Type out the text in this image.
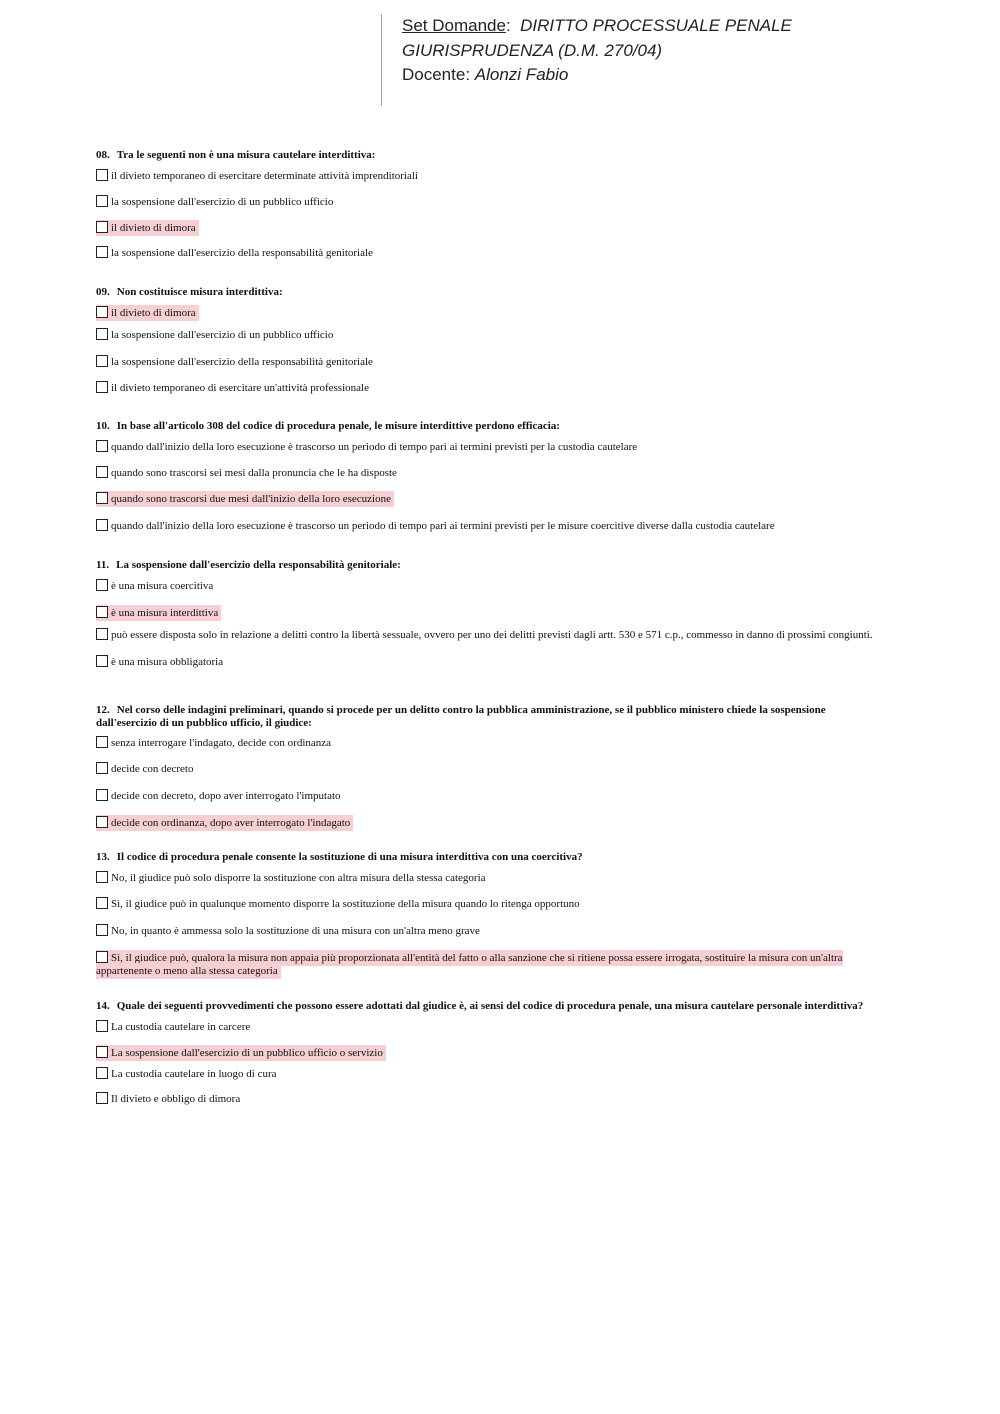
Set Domande: DIRITTO PROCESSUALE PENALE
GIURISPRUDENZA (D.M. 270/04)
Docente: Alonzi Fabio
08. Tra le seguenti non è una misura cautelare interdittiva:
il divieto temporaneo di esercitare determinate attività imprenditoriali
la sospensione dall'esercizio di un pubblico ufficio
il divieto di dimora
la sospensione dall'esercizio della responsabilità genitoriale
09. Non costituisce misura interdittiva:
il divieto di dimora
la sospensione dall'esercizio di un pubblico ufficio
la sospensione dall'esercizio della responsabilità genitoriale
il divieto temporaneo di esercitare un'attività professionale
10. In base all'articolo 308 del codice di procedura penale, le misure interdittive perdono efficacia:
quando dall'inizio della loro esecuzione è trascorso un periodo di tempo pari ai termini previsti per la custodia cautelare
quando sono trascorsi sei mesi dalla pronuncia che le ha disposte
quando sono trascorsi due mesi dall'inizio della loro esecuzione
quando dall'inizio della loro esecuzione è trascorso un periodo di tempo pari ai termini previsti per le misure coercitive diverse dalla custodia cautelare
11. La sospensione dall'esercizio della responsabilità genitoriale:
è una misura coercitiva
è una misura interdittiva
può essere disposta solo in relazione a delitti contro la libertà sessuale, ovvero per uno dei delitti previsti dagli artt. 530 e 571 c.p., commesso in danno di prossimi congiunti.
è una misura obbligatoria
12. Nel corso delle indagini preliminari, quando si procede per un delitto contro la pubblica amministrazione, se il pubblico ministero chiede la sospensione dall'esercizio di un pubblico ufficio, il giudice:
senza interrogare l'indagato, decide con ordinanza
decide con decreto
decide con decreto, dopo aver interrogato l'imputato
decide con ordinanza, dopo aver interrogato l'indagato
13. Il codice di procedura penale consente la sostituzione di una misura interdittiva con una coercitiva?
No, il giudice può solo disporre la sostituzione con altra misura della stessa categoria
Sì, il giudice può in qualunque momento disporre la sostituzione della misura quando lo ritenga opportuno
No, in quanto è ammessa solo la sostituzione di una misura con un'altra meno grave
Sì, il giudice può, qualora la misura non appaia più proporzionata all'entità del fatto o alla sanzione che si ritiene possa essere irrogata, sostituire la misura con un'altra appartenente o meno alla stessa categoria
14. Quale dei seguenti provvedimenti che possono essere adottati dal giudice è, ai sensi del codice di procedura penale, una misura cautelare personale interdittiva?
La custodia cautelare in carcere
La sospensione dall'esercizio di un pubblico ufficio o servizio
La custodia cautelare in luogo di cura
Il divieto e obbligo di dimora
